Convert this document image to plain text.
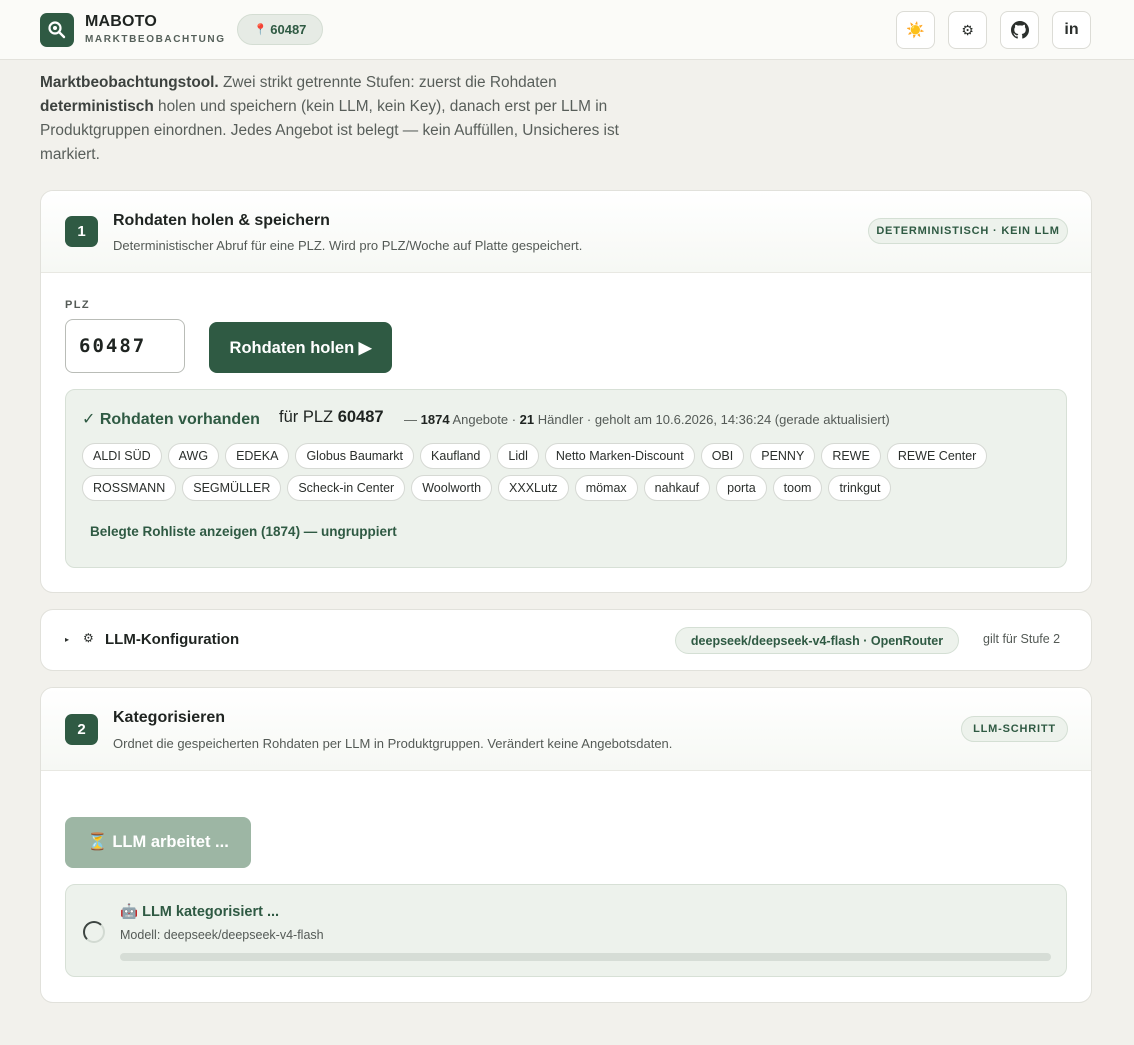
MABOTO
MARKTBEOBACHTUNG
📍 60487	☀️	⚙	in
Marktbeobachtungstool. Zwei strikt getrennte Stufen: zuerst die Rohdaten deterministisch holen und speichern (kein LLM, kein Key), danach erst per LLM in Produktgruppen einordnen. Jedes Angebot ist belegt — kein Auffüllen, Unsicheres ist markiert.
1
Rohdaten holen & speichern
Deterministischer Abruf für eine PLZ. Wird pro PLZ/Woche auf Platte gespeichert.
DETERMINISTISCH · KEIN LLM
PLZ
60487
Rohdaten holen ▶
✓ Rohdaten vorhanden für PLZ 60487 — 1874 Angebote · 21 Händler · geholt am 10.6.2026, 14:36:24 (gerade aktualisiert)
ALDI SÜD	AWG	EDEKA	Globus Baumarkt	Kaufland	Lidl	Netto Marken-Discount	OBI	PENNY	REWE	REWE Center
ROSSMANN	SEGMÜLLER	Scheck-in Center	Woolworth	XXXLutz	mömax	nahkauf	porta	toom	trinkgut
Belegte Rohliste anzeigen (1874) — ungruppiert
▸ ⚙ LLM-Konfiguration	deepseek/deepseek-v4-flash · OpenRouter	gilt für Stufe 2
2
Kategorisieren
Ordnet die gespeicherten Rohdaten per LLM in Produktgruppen. Verändert keine Angebotsdaten.
LLM-SCHRITT
⏳ LLM arbeitet ...
🤖 LLM kategorisiert ...
Modell: deepseek/deepseek-v4-flash
